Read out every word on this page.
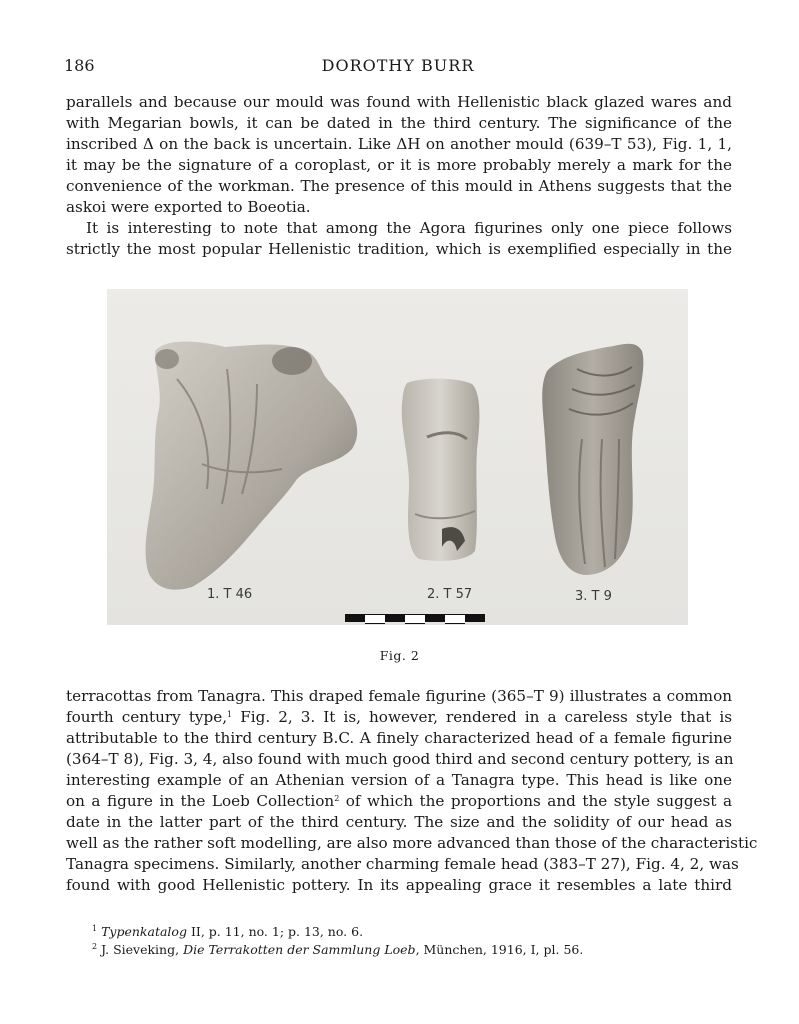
186	DOROTHY BURR
parallels and because our mould was found with Hellenistic black glazed wares and
with Megarian bowls, it can be dated in the third century. The significance of the
inscribed Δ on the back is uncertain. Like ΔH on another mould (639–T 53), Fig. 1, 1,
it may be the signature of a coroplast, or it is more probably merely a mark for the
convenience of the workman. The presence of this mould in Athens suggests that the
askoi were exported to Boeotia.
It is interesting to note that among the Agora figurines only one piece follows
strictly the most popular Hellenistic tradition, which is exemplified especially in the
1. T 46	2. T 57	3. T 9
Fig. 2
terracottas from Tanagra. This draped female figurine (365–T 9) illustrates a common
fourth century type,$^1$ Fig. 2, 3. It is, however, rendered in a careless style that is
attributable to the third century B.C. A finely characterized head of a female figurine
(364–T 8), Fig. 3, 4, also found with much good third and second century pottery, is an
interesting example of an Athenian version of a Tanagra type. This head is like one
on a figure in the Loeb Collection$^2$ of which the proportions and the style suggest a
date in the latter part of the third century. The size and the solidity of our head as
well as the rather soft modelling, are also more advanced than those of the characteristic
Tanagra specimens. Similarly, another charming female head (383–T 27), Fig. 4, 2, was
found with good Hellenistic pottery. In its appealing grace it resembles a late third
$^1$ Typenkatalog II, p. 11, no. 1; p. 13, no. 6.
$^2$ J. Sieveking, Die Terrakotten der Sammlung Loeb, München, 1916, I, pl. 56.
